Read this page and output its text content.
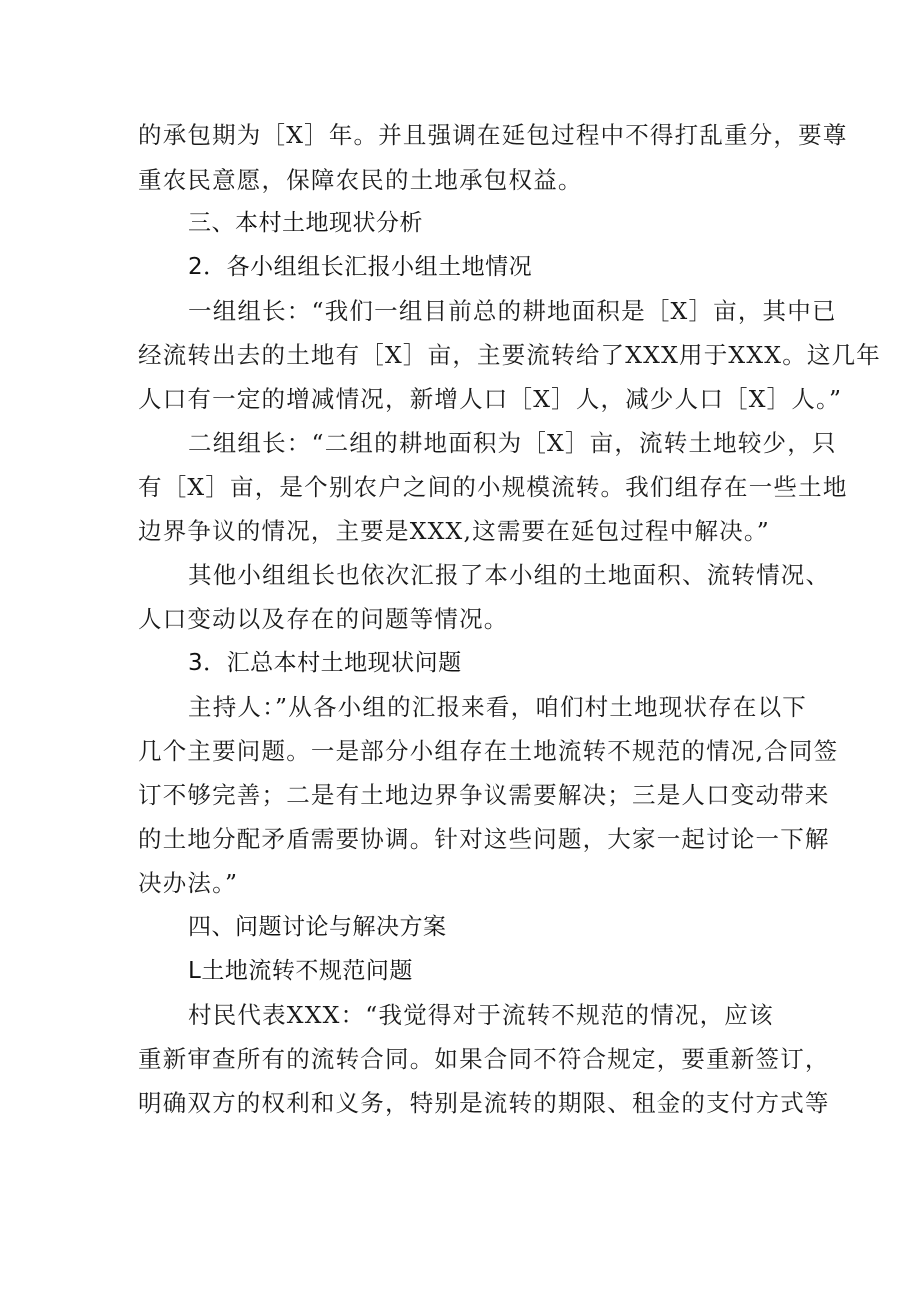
的承包期为［X］年。并且强调在延包过程中不得打乱重分，要尊
重农民意愿，保障农民的土地承包权益。
三、本村土地现状分析
2．各小组组长汇报小组土地情况
一组组长：“我们一组目前总的耕地面积是［X］亩，其中已
经流转出去的土地有［X］亩，主要流转给了XXX用于XXX。这几年
人口有一定的增减情况，新增人口［X］人，减少人口［X］人。”
二组组长：“二组的耕地面积为［X］亩，流转土地较少，只
有［X］亩，是个别农户之间的小规模流转。我们组存在一些土地
边界争议的情况，主要是XXX,这需要在延包过程中解决。”
其他小组组长也依次汇报了本小组的土地面积、流转情况、
人口变动以及存在的问题等情况。
3．汇总本村土地现状问题
主持人：”从各小组的汇报来看，咱们村土地现状存在以下
几个主要问题。一是部分小组存在土地流转不规范的情况,合同签
订不够完善；二是有土地边界争议需要解决；三是人口变动带来
的土地分配矛盾需要协调。针对这些问题，大家一起讨论一下解
决办法。”
四、问题讨论与解决方案
L土地流转不规范问题
村民代表XXX：“我觉得对于流转不规范的情况，应该
重新审查所有的流转合同。如果合同不符合规定，要重新签订，
明确双方的权利和义务，特别是流转的期限、租金的支付方式等
